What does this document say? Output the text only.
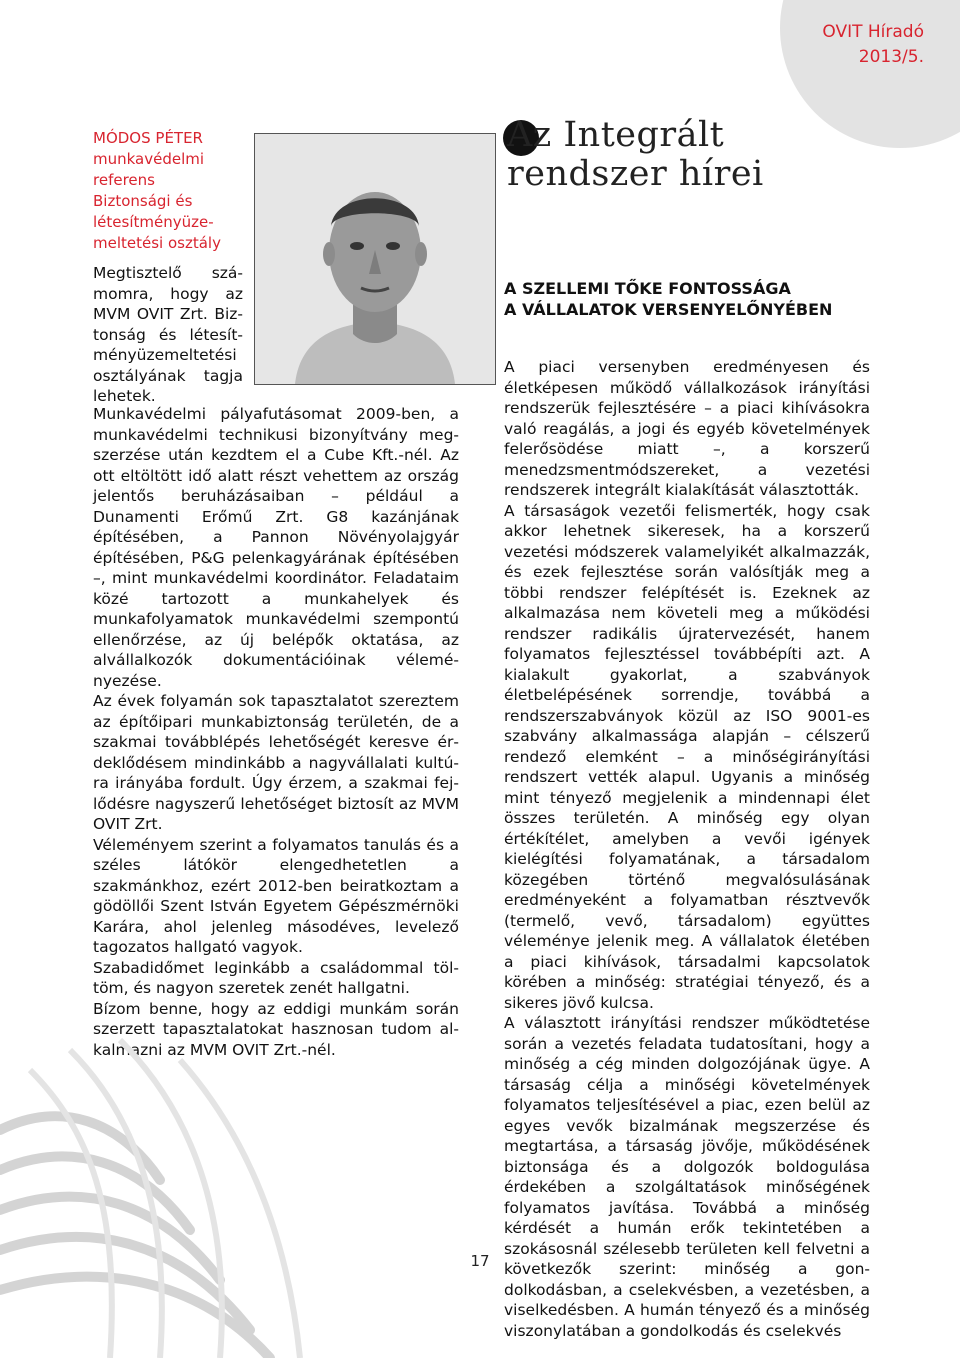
OVIT Híradó
2013/5.
MÓDOS PÉTER
munkavédelmi
referens
Biztonsági és
létesítményüze-
meltetési osztály
Az Integrált
rendszer hírei
A SZELLEMI TŐKE FONTOSSÁGA
A VÁLLALATOK VERSENYELŐNYÉBEN

Megtisztelő számomra, hogy az MVM OVIT Zrt. Biztonság és létesítményüzemeltetési osztályának tagja lehetek.

Munkavédelmi pályafutásomat 2009-ben, a munkavédelmi technikusi bizonyítvány megszerzése után kezdtem el a Cube Kft.-nél. Az ott eltöltött idő alatt részt vehettem az ország jelentős beruházásaiban – például a Dunamenti Erőmű Zrt. G8 kazánjának építésében, a Pannon Növényolajgyár építésében, P&G pelenkagyárának építésében –, mint munkavédelmi koordinátor. Feladataim közé tartozott a munkahelyek és munkafolyamatok munkavédelmi szempontú ellenőrzése, az új belépők oktatása, az alvállalkozók dokumentációinak véleményezése.

Az évek folyamán sok tapasztalatot szereztem az építőipari munkabiztonság területén, de a szakmai továbblépés lehetőségét keresve érdeklődésem mindinkább a nagyvállalati kultúra irányába fordult. Úgy érzem, a szakmai fejlődésre nagyszerű lehetőséget biztosít az MVM OVIT Zrt.

Véleményem szerint a folyamatos tanulás és a széles látókör elengedhetetlen a szakmánkhoz, ezért 2012-ben beiratkoztam a gödöllői Szent István Egyetem Gépészmérnöki Karára, ahol jelenleg másodéves, levelező tagozatos hallgató vagyok.

Szabadidőmet leginkább a családommal töltöm, és nagyon szeretek zenét hallgatni.

Bízom benne, hogy az eddigi munkám során szerzett tapasztalatokat hasznosan tudom alkalmazni az MVM OVIT Zrt.-nél.

A piaci versenyben eredményesen és életképesen működő vállalkozások irányítási rendszerük fejlesztésére – a piaci kihívásokra való reagálás, a jogi és egyéb követelmények felerősödése miatt –, a korszerű menedzsmentmódszereket, a vezetési rendszerek integrált kialakítását választották.

A társaságok vezetői felismerték, hogy csak akkor lehetnek sikeresek, ha a korszerű vezetési módszerek valamelyikét alkalmazzák, és ezek fejlesztése során valósítják meg a többi rendszer felépítését is. Ezeknek az alkalmazása nem követeli meg a működési rendszer radikális újratervezését, hanem folyamatos fejlesztéssel továbbépíti azt. A kialakult gyakorlat, a szabványok életbelépésének sorrendje, továbbá a rendszerszabványok közül az ISO 9001-es szabvány alkalmassága alapján – célszerű rendező elemként – a minőségirányítási rendszert vették alapul. Ugyanis a minőség mint tényező megjelenik a mindennapi élet összes területén. A minőség egy olyan értékítélet, amelyben a vevői igények kielégítési folyamatának, a társadalom közegében történő megvalósulásának eredményeként a folyamatban résztvevők (termelő, vevő, társadalom) együttes véleménye jelenik meg. A vállalatok életében a piaci kihívások, társadalmi kapcsolatok körében a minőség: stratégiai tényező, és a sikeres jövő kulcsa.

A választott irányítási rendszer működtetése során a vezetés feladata tudatosítani, hogy a minőség a cég minden dolgozójának ügye. A társaság célja a minőségi követelmények folyamatos teljesítésével a piac, ezen belül az egyes vevők bizalmának megszerzése és megtartása, a társaság jövője, működésének biztonsága és a dolgozók boldogulása érdekében a szolgáltatások minőségének folyamatos javítása. Továbbá a minőség kérdését a humán erők tekintetében a szokásosnál szélesebb területen kell felvetni a következők szerint: minőség a gondolkodásban, a cselekvésben, a vezetésben, a viselkedésben. A humán tényező és a minőség viszonylatában a gondolkodás és cselekvés

17
